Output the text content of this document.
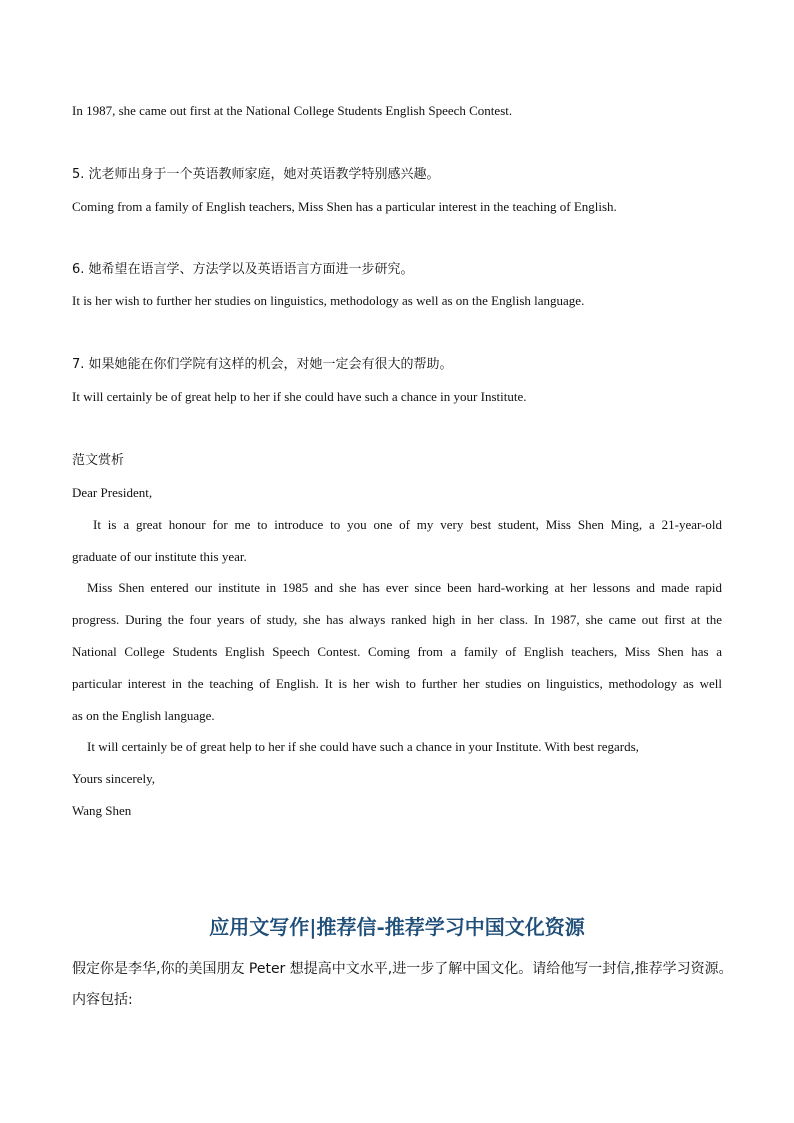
In 1987, she came out first at the National College Students English Speech Contest.
5. 沈老师出身于一个英语教师家庭，她对英语教学特别感兴趣。
Coming from a family of English teachers, Miss Shen has a particular interest in the teaching of English.
6. 她希望在语言学、方法学以及英语语言方面进一步研究。
It is her wish to further her studies on linguistics, methodology as well as on the English language.
7. 如果她能在你们学院有这样的机会，对她一定会有很大的帮助。
It will certainly be of great help to her if she could have such a chance in your Institute.
范文赏析
Dear President,
It is a great honour for me to introduce to you one of my very best student, Miss Shen Ming, a 21-year-old
graduate of our institute this year.
Miss Shen entered our institute in 1985 and she has ever since been hard-working at her lessons and made rapid
progress. During the four years of study, she has always ranked high in her class. In 1987, she came out first at the
National College Students English Speech Contest. Coming from a family of English teachers, Miss Shen has a
particular interest in the teaching of English. It is her wish to further her studies on linguistics, methodology as well
as on the English language.
It will certainly be of great help to her if she could have such a chance in your Institute. With best regards,
Yours sincerely,
Wang Shen
应用文写作|推荐信-推荐学习中国文化资源
假定你是李华,你的美国朋友 Peter 想提高中文水平,进一步了解中国文化。请给他写一封信,推荐学习资源。
内容包括:
